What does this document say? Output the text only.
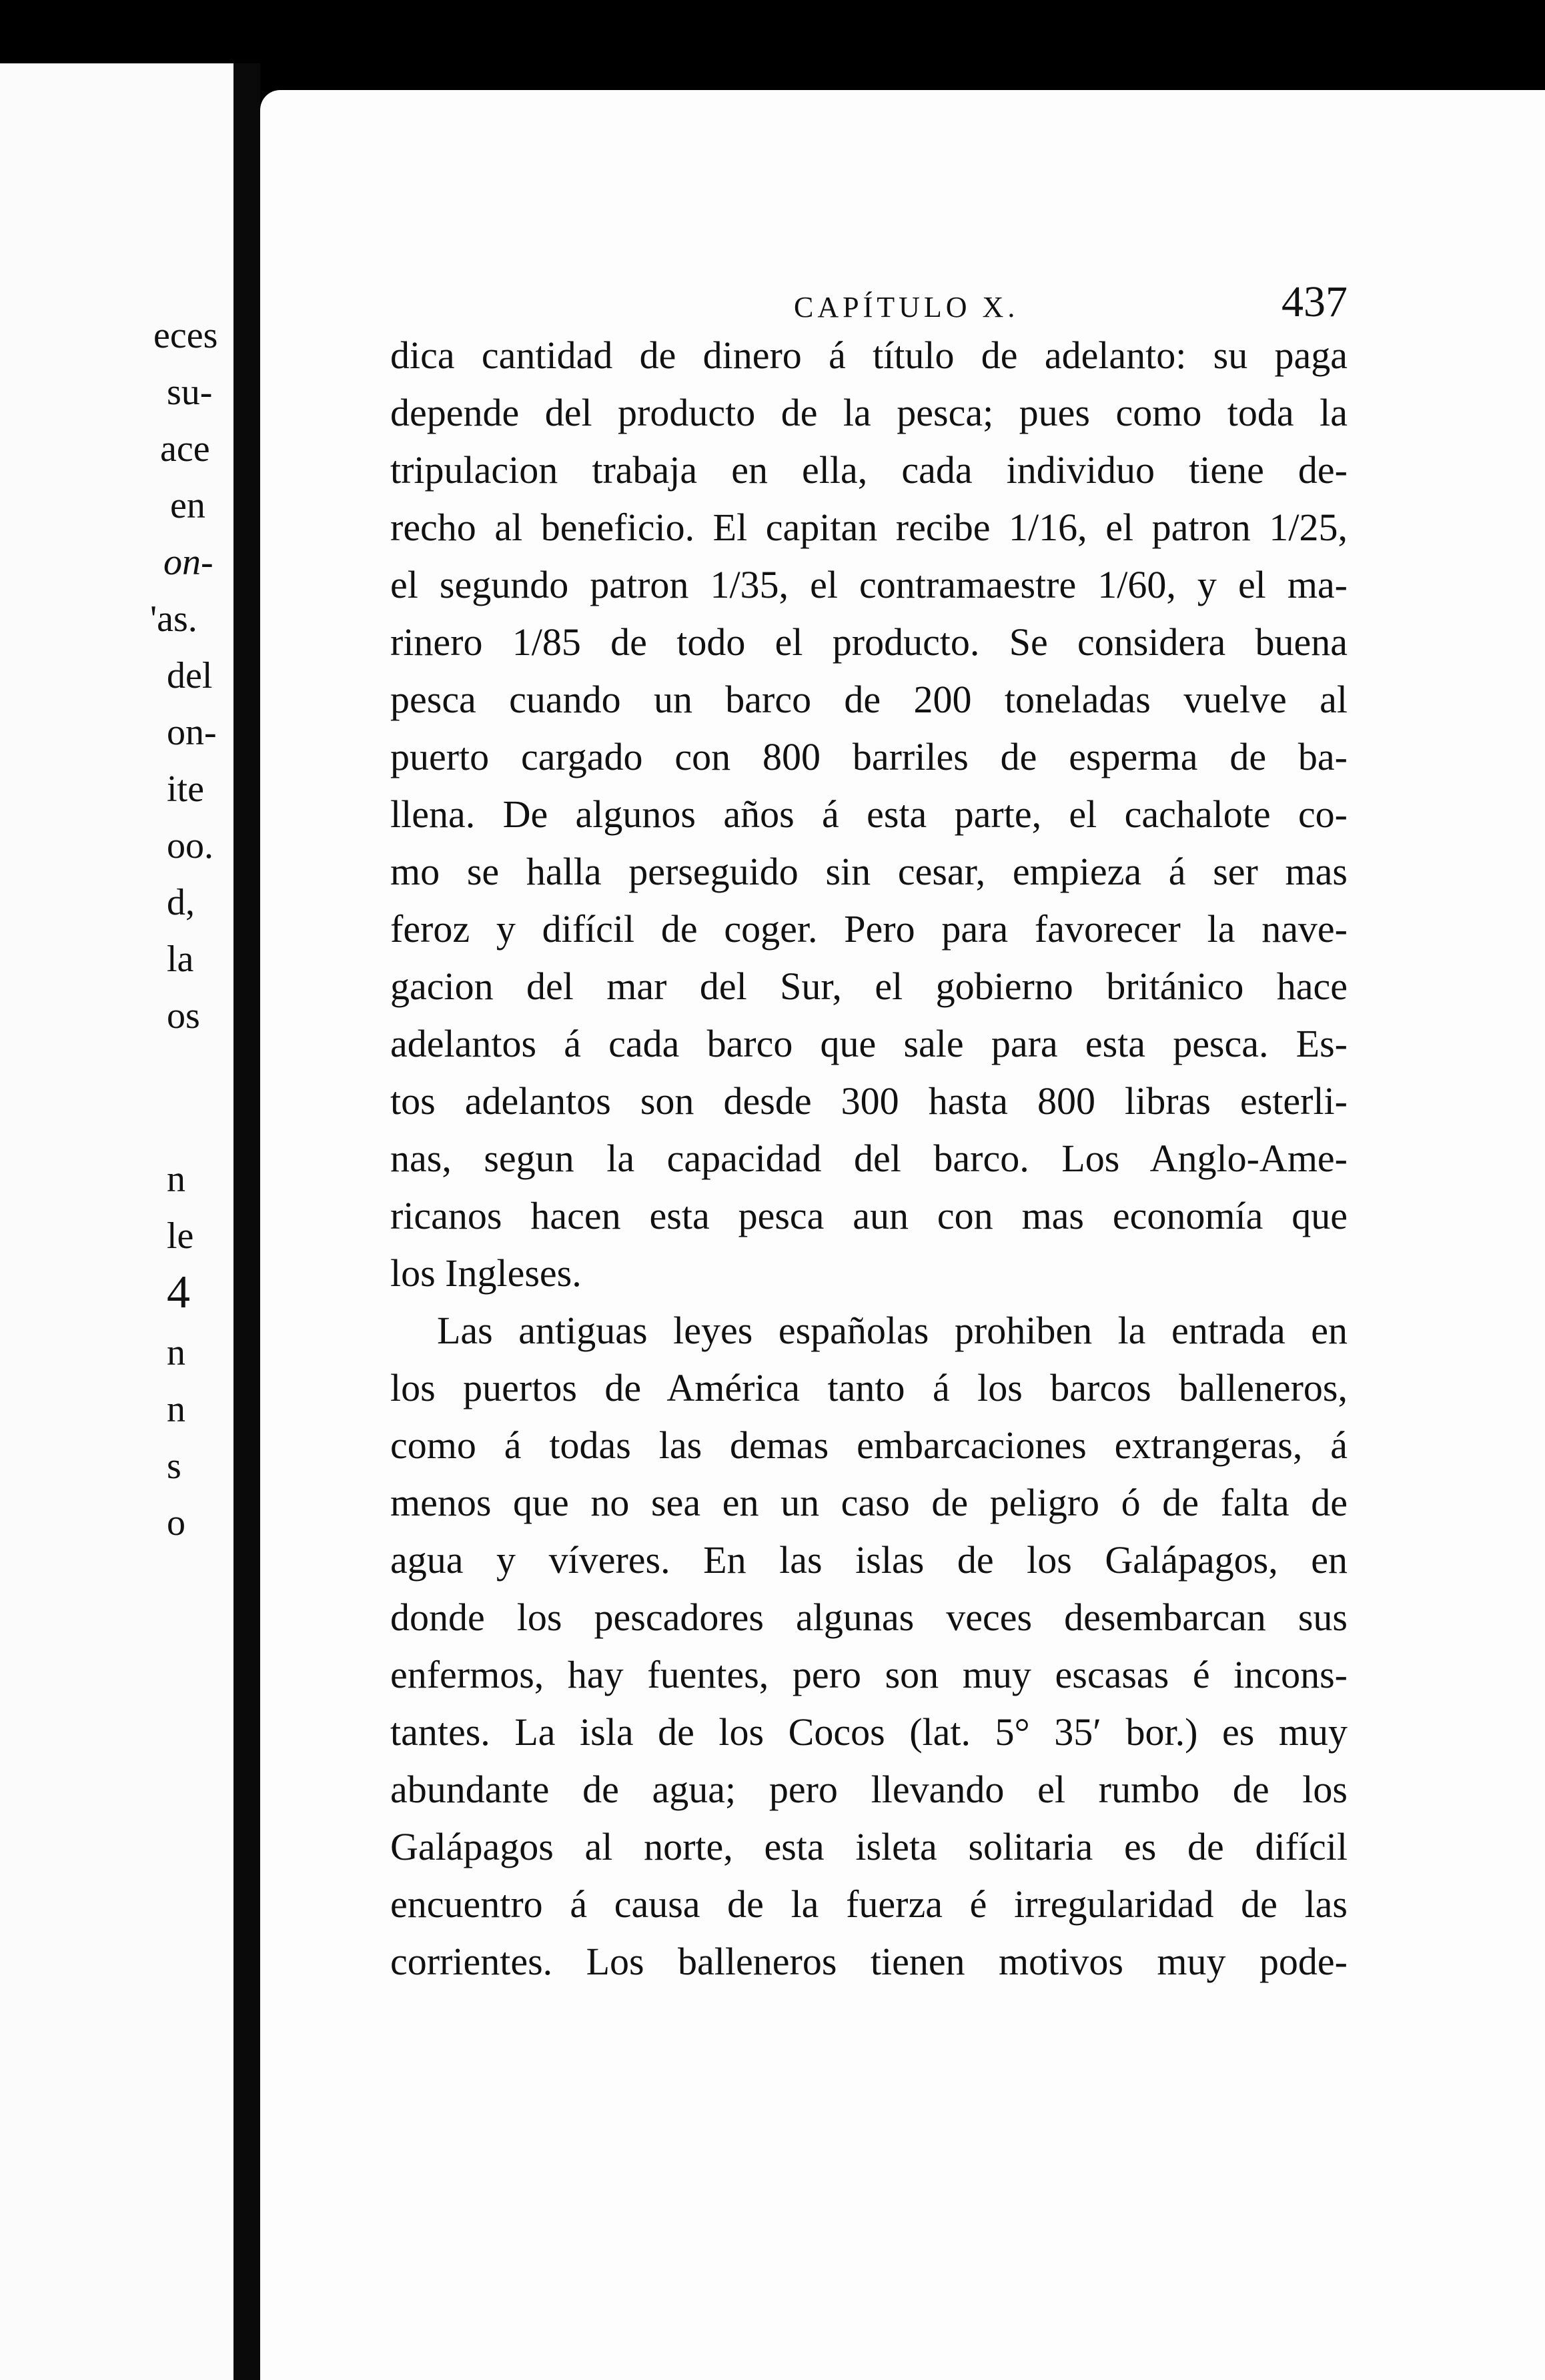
eces
su-
ace
en
on-
'as.
del
on-
ite
oo.
d,
la
os
n
le
4
n
n
s
o
CAPÍTULO X.	437
dica cantidad de dinero á título de adelanto: su paga
depende del producto de la pesca; pues como toda la
tripulacion trabaja en ella, cada individuo tiene de-
recho al beneficio. El capitan recibe 1/16, el patron 1/25,
el segundo patron 1/35, el contramaestre 1/60, y el ma-
rinero 1/85 de todo el producto. Se considera buena
pesca cuando un barco de 200 toneladas vuelve al
puerto cargado con 800 barriles de esperma de ba-
llena. De algunos años á esta parte, el cachalote co-
mo se halla perseguido sin cesar, empieza á ser mas
feroz y difícil de coger. Pero para favorecer la nave-
gacion del mar del Sur, el gobierno británico hace
adelantos á cada barco que sale para esta pesca. Es-
tos adelantos son desde 300 hasta 800 libras esterli-
nas, segun la capacidad del barco. Los Anglo-Ame-
ricanos hacen esta pesca aun con mas economía que
los Ingleses.
Las antiguas leyes españolas prohiben la entrada en
los puertos de América tanto á los barcos balleneros,
como á todas las demas embarcaciones extrangeras, á
menos que no sea en un caso de peligro ó de falta de
agua y víveres. En las islas de los Galápagos, en
donde los pescadores algunas veces desembarcan sus
enfermos, hay fuentes, pero son muy escasas é incons-
tantes. La isla de los Cocos (lat. 5° 35′ bor.) es muy
abundante de agua; pero llevando el rumbo de los
Galápagos al norte, esta isleta solitaria es de difícil
encuentro á causa de la fuerza é irregularidad de las
corrientes. Los balleneros tienen motivos muy pode-
